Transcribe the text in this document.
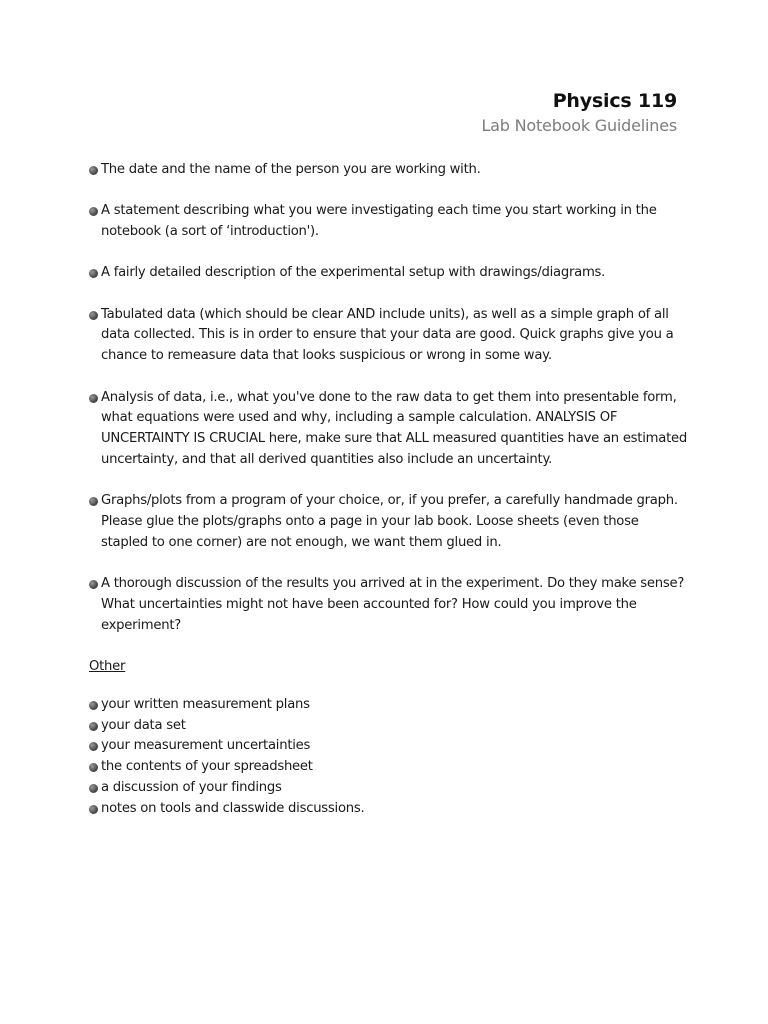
Physics 119
Lab Notebook Guidelines
The date and the name of the person you are working with.
A statement describing what you were investigating each time you start working in the notebook (a sort of ‘introduction').
A fairly detailed description of the experimental setup with drawings/diagrams.
Tabulated data (which should be clear AND include units), as well as a simple graph of all data collected. This is in order to ensure that your data are good. Quick graphs give you a chance to remeasure data that looks suspicious or wrong in some way.
Analysis of data, i.e., what you've done to the raw data to get them into presentable form, what equations were used and why, including a sample calculation. ANALYSIS OF UNCERTAINTY IS CRUCIAL here, make sure that ALL measured quantities have an estimated uncertainty, and that all derived quantities also include an uncertainty.
Graphs/plots from a program of your choice, or, if you prefer, a carefully handmade graph. Please glue the plots/graphs onto a page in your lab book. Loose sheets (even those stapled to one corner) are not enough, we want them glued in.
A thorough discussion of the results you arrived at in the experiment. Do they make sense? What uncertainties might not have been accounted for? How could you improve the experiment?
Other
your written measurement plans
your data set
your measurement uncertainties
the contents of your spreadsheet
a discussion of your findings
notes on tools and classwide discussions.
